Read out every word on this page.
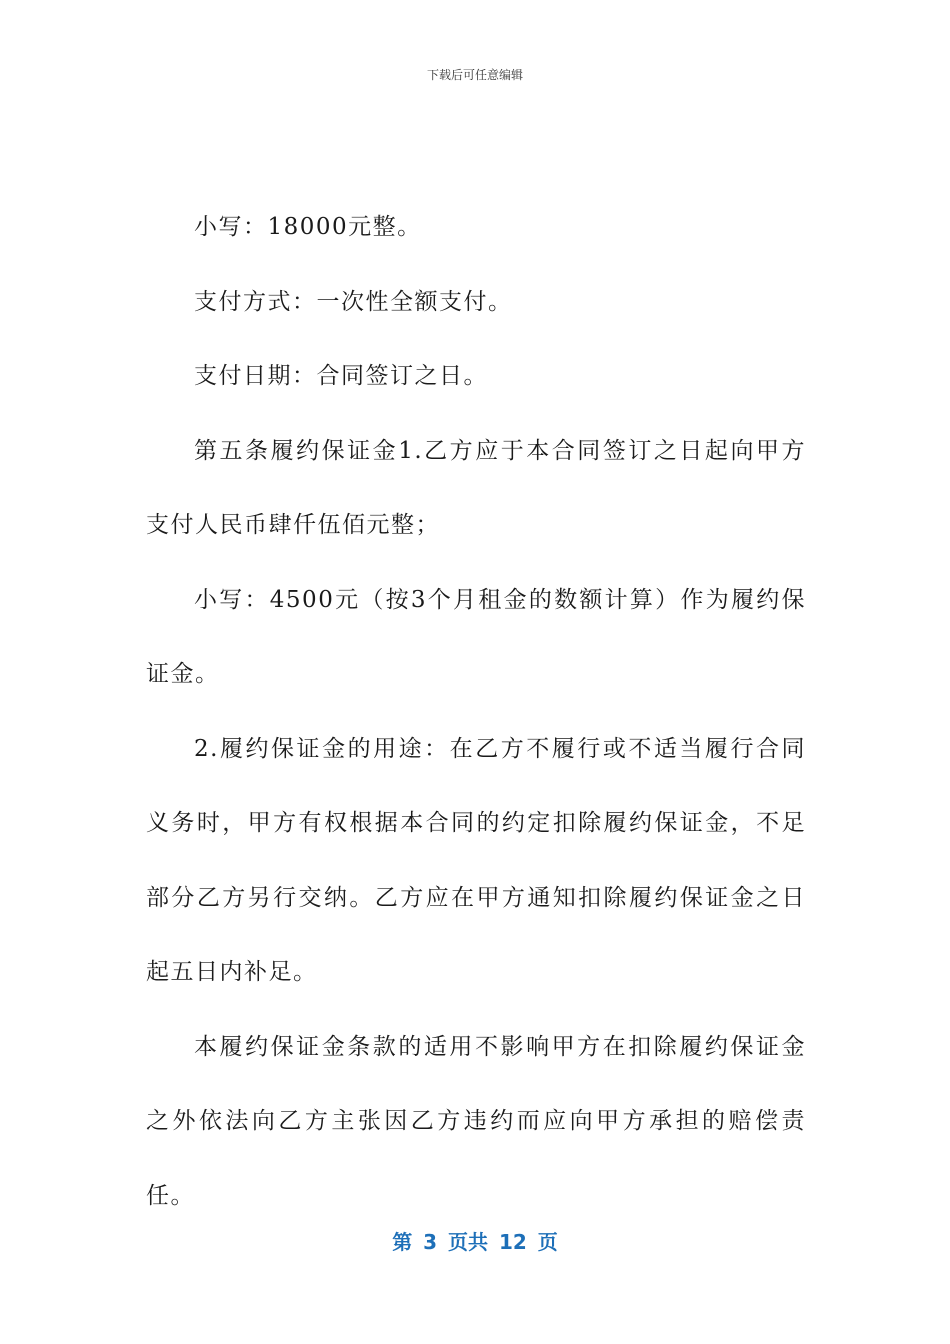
下载后可任意编辑

小写：18000元整。

支付方式：一次性全额支付。

支付日期：合同签订之日。

第五条履约保证金1.乙方应于本合同签订之日起向甲方支付人民币肆仟伍佰元整；

小写：4500元（按3个月租金的数额计算）作为履约保证金。

2.履约保证金的用途：在乙方不履行或不适当履行合同义务时，甲方有权根据本合同的约定扣除履约保证金，不足部分乙方另行交纳。乙方应在甲方通知扣除履约保证金之日起五日内补足。

本履约保证金条款的适用不影响甲方在扣除履约保证金之外依法向乙方主张因乙方违约而应向甲方承担的赔偿责任。

第 3 页共 12 页
